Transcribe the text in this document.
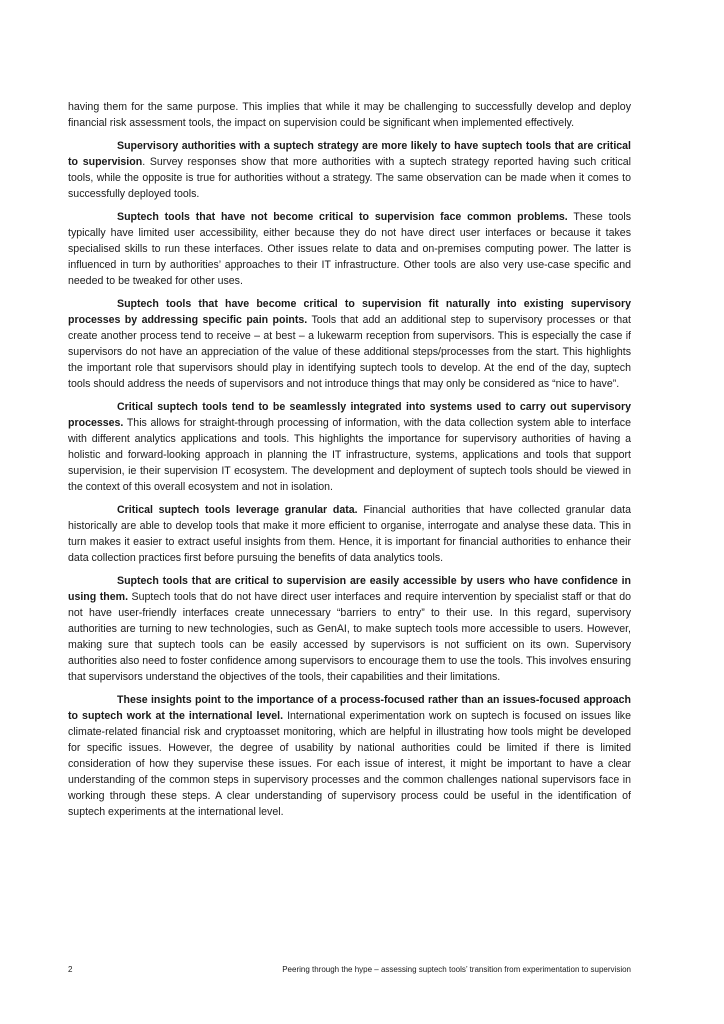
having them for the same purpose. This implies that while it may be challenging to successfully develop and deploy financial risk assessment tools, the impact on supervision could be significant when implemented effectively.

Supervisory authorities with a suptech strategy are more likely to have suptech tools that are critical to supervision. Survey responses show that more authorities with a suptech strategy reported having such critical tools, while the opposite is true for authorities without a strategy. The same observation can be made when it comes to successfully deployed tools.

Suptech tools that have not become critical to supervision face common problems. These tools typically have limited user accessibility, either because they do not have direct user interfaces or because it takes specialised skills to run these interfaces. Other issues relate to data and on-premises computing power. The latter is influenced in turn by authorities’ approaches to their IT infrastructure. Other tools are also very use-case specific and needed to be tweaked for other uses.

Suptech tools that have become critical to supervision fit naturally into existing supervisory processes by addressing specific pain points. Tools that add an additional step to supervisory processes or that create another process tend to receive – at best – a lukewarm reception from supervisors. This is especially the case if supervisors do not have an appreciation of the value of these additional steps/processes from the start. This highlights the important role that supervisors should play in identifying suptech tools to develop. At the end of the day, suptech tools should address the needs of supervisors and not introduce things that may only be considered as “nice to have”.

Critical suptech tools tend to be seamlessly integrated into systems used to carry out supervisory processes. This allows for straight-through processing of information, with the data collection system able to interface with different analytics applications and tools. This highlights the importance for supervisory authorities of having a holistic and forward-looking approach in planning the IT infrastructure, systems, applications and tools that support supervision, ie their supervision IT ecosystem. The development and deployment of suptech tools should be viewed in the context of this overall ecosystem and not in isolation.

Critical suptech tools leverage granular data. Financial authorities that have collected granular data historically are able to develop tools that make it more efficient to organise, interrogate and analyse these data. This in turn makes it easier to extract useful insights from them. Hence, it is important for financial authorities to enhance their data collection practices first before pursuing the benefits of data analytics tools.

Suptech tools that are critical to supervision are easily accessible by users who have confidence in using them. Suptech tools that do not have direct user interfaces and require intervention by specialist staff or that do not have user-friendly interfaces create unnecessary “barriers to entry” to their use. In this regard, supervisory authorities are turning to new technologies, such as GenAI, to make suptech tools more accessible to users. However, making sure that suptech tools can be easily accessed by supervisors is not sufficient on its own. Supervisory authorities also need to foster confidence among supervisors to encourage them to use the tools. This involves ensuring that supervisors understand the objectives of the tools, their capabilities and their limitations.

These insights point to the importance of a process-focused rather than an issues-focused approach to suptech work at the international level. International experimentation work on suptech is focused on issues like climate-related financial risk and cryptoasset monitoring, which are helpful in illustrating how tools might be developed for specific issues. However, the degree of usability by national authorities could be limited if there is limited consideration of how they supervise these issues. For each issue of interest, it might be important to have a clear understanding of the common steps in supervisory processes and the common challenges national supervisors face in working through these steps. A clear understanding of supervisory process could be useful in the identification of suptech experiments at the international level.

2	Peering through the hype – assessing suptech tools’ transition from experimentation to supervision
